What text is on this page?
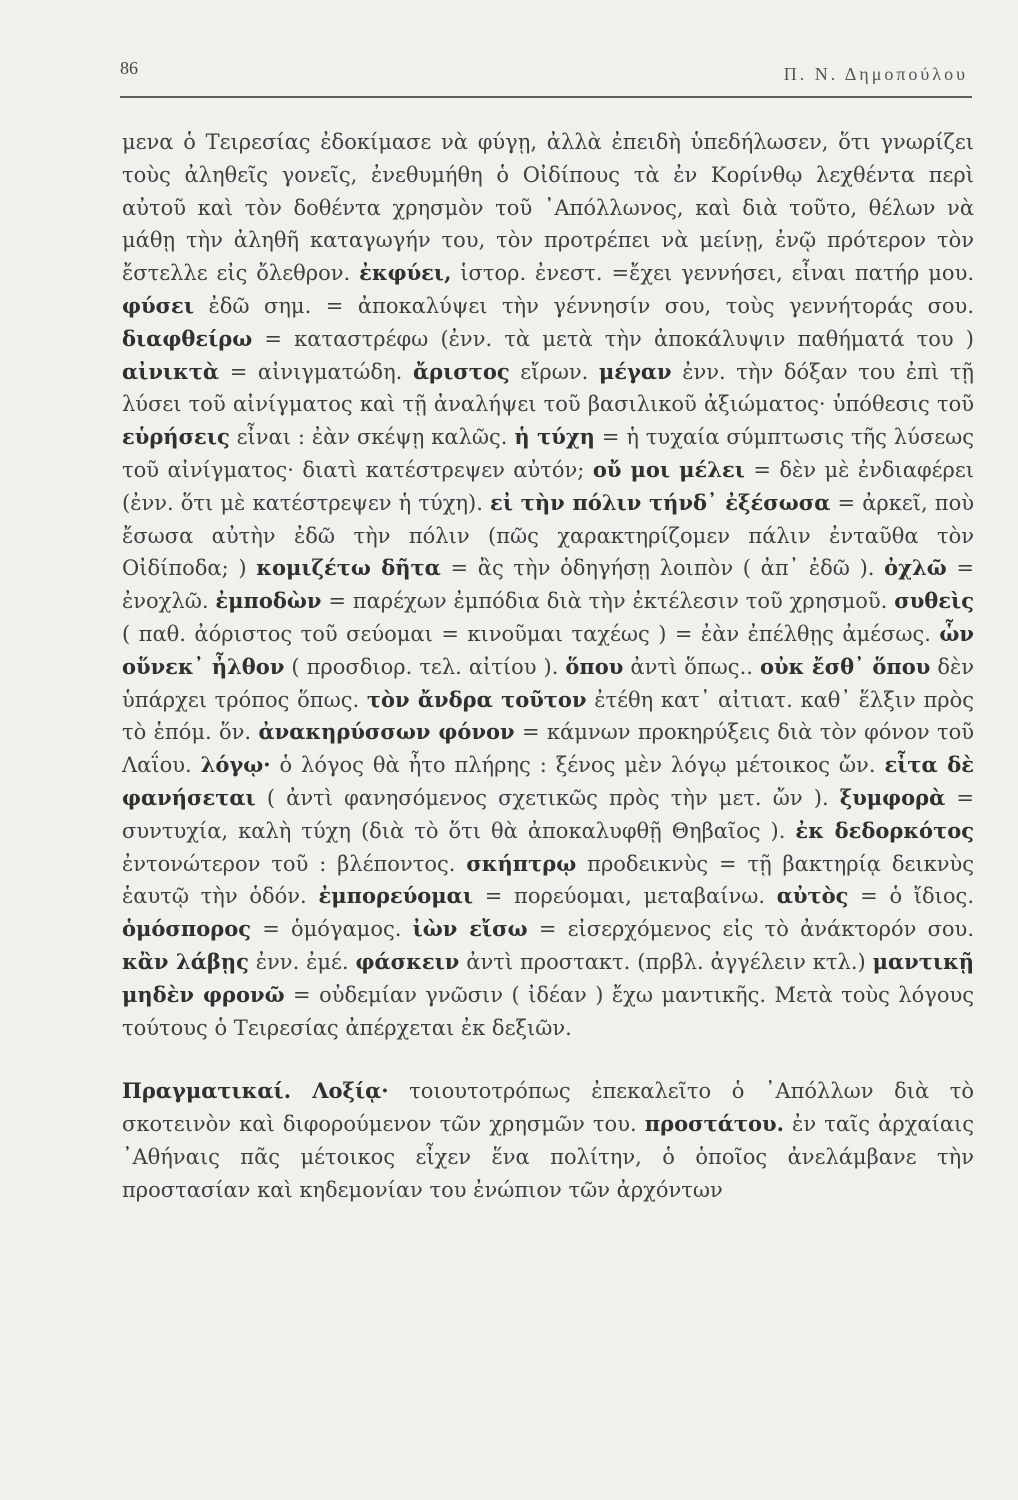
86	Π. Ν. Δημοπούλου

μενα ὁ Τειρεσίας ἐδοκίμασε νὰ φύγῃ, ἀλλὰ ἐπειδὴ ὑπεδήλωσεν, ὅτι γνωρίζει τοὺς ἀληθεῖς γονεῖς, ἐνεθυμήθη ὁ Οἰδίπους τὰ ἐν Κορίνθῳ λεχθέντα περὶ αὐτοῦ καὶ τὸν δοθέντα χρησμὸν τοῦ ᾿Απόλλωνος, καὶ διὰ τοῦτο, θέλων νὰ μάθῃ τὴν ἀληθῆ καταγωγήν του, τὸν προτρέπει νὰ μείνῃ, ἐνῷ πρότερον τὸν ἔστελλε εἰς ὄλεθρον. ἐκφύει, ἱστορ. ἐνεστ. =ἔχει γεννήσει, εἶναι πατήρ μου. φύσει ἐδῶ σημ. = ἀποκαλύψει τὴν γέννησίν σου, τοὺς γεννήτοράς σου. διαφθείρω = καταστρέφω (ἐνν. τὰ μετὰ τὴν ἀποκάλυψιν παθήματά του ) αἰνικτὰ = αἰνιγματώδη. ἄριστος εἴρων. μέγαν ἐνν. τὴν δόξαν του ἐπὶ τῇ λύσει τοῦ αἰνίγματος καὶ τῇ ἀναλήψει τοῦ βασιλικοῦ ἀξιώματος· ὑπόθεσις τοῦ εὑρήσεις εἶναι : ἐὰν σκέψῃ καλῶς. ἡ τύχη = ἡ τυχαία σύμπτωσις τῆς λύσεως τοῦ αἰνίγματος· διατὶ κατέστρεψεν αὐτόν; οὔ μοι μέλει = δὲν μὲ ἐνδιαφέρει (ἐνν. ὅτι μὲ κατέστρεψεν ἡ τύχη). εἰ τὴν πόλιν τήνδ᾿ ἐξέσωσα = ἀρκεῖ, ποὺ ἔσωσα αὐτὴν ἐδῶ τὴν πόλιν (πῶς χαρακτηρίζομεν πάλιν ἐνταῦθα τὸν Οἰδίποδα; ) κομιζέτω δῆτα = ἂς τὴν ὁδηγήσῃ λοιπὸν ( ἀπ᾿ ἐδῶ ). ὀχλῶ = ἐνοχλῶ. ἐμποδὼν = παρέχων ἐμπόδια διὰ τὴν ἐκτέλεσιν τοῦ χρησμοῦ. συθεὶς ( παθ. ἀόριστος τοῦ σεύομαι = κινοῦμαι ταχέως ) = ἐὰν ἐπέλθῃς ἀμέσως. ὧν οὕνεκ᾿ ἦλθον ( προσδιορ. τελ. αἰτίου ). ὅπου ἀντὶ ὅπως.. οὐκ ἔσθ᾿ ὅπου δὲν ὑπάρχει τρόπος ὅπως. τὸν ἄνδρα τοῦτον ἐτέθη κατ᾿ αἰτιατ. καθ᾿ ἕλξιν πρὸς τὸ ἑπόμ. ὅν. ἀνακηρύσσων φόνον = κάμνων προκηρύξεις διὰ τὸν φόνον τοῦ Λαΐου. λόγῳ· ὁ λόγος θὰ ἦτο πλήρης : ξένος μὲν λόγῳ μέτοικος ὤν. εἶτα δὲ φανήσεται ( ἀντὶ φανησόμενος σχετικῶς πρὸς τὴν μετ. ὤν ). ξυμφορὰ = συντυχία, καλὴ τύχη (διὰ τὸ ὅτι θὰ ἀποκαλυφθῇ Θηβαῖος ). ἐκ δεδορκότος ἐντονώτερον τοῦ : βλέποντος. σκήπτρῳ προδεικνὺς = τῇ βακτηρίᾳ δεικνὺς ἑαυτῷ τὴν ὁδόν. ἐμπορεύομαι = πορεύομαι, μεταβαίνω. αὐτὸς = ὁ ἴδιος. ὁμόσπορος = ὁμόγαμος. ἰὼν εἴσω = εἰσερχόμενος εἰς τὸ ἀνάκτορόν σου. κἂν λάβῃς ἐνν. ἐμέ. φάσκειν ἀντὶ προστακτ. (πρβλ. ἀγγέλειν κτλ.) μαντικῇ μηδὲν φρονῶ = οὐδεμίαν γνῶσιν ( ἰδέαν ) ἔχω μαντικῆς. Μετὰ τοὺς λόγους τούτους ὁ Τειρεσίας ἀπέρχεται ἐκ δεξιῶν.

Πραγματικαί. Λοξίᾳ· τοιουτοτρόπως ἐπεκαλεῖτο ὁ ᾿Απόλλων διὰ τὸ σκοτεινὸν καὶ διφορούμενον τῶν χρησμῶν του. προστάτου. ἐν ταῖς ἀρχαίαις ᾿Αθήναις πᾶς μέτοικος εἶχεν ἕνα πολίτην, ὁ ὁποῖος ἀνελάμβανε τὴν προστασίαν καὶ κηδεμονίαν του ἐνώπιον τῶν ἀρχόντων
